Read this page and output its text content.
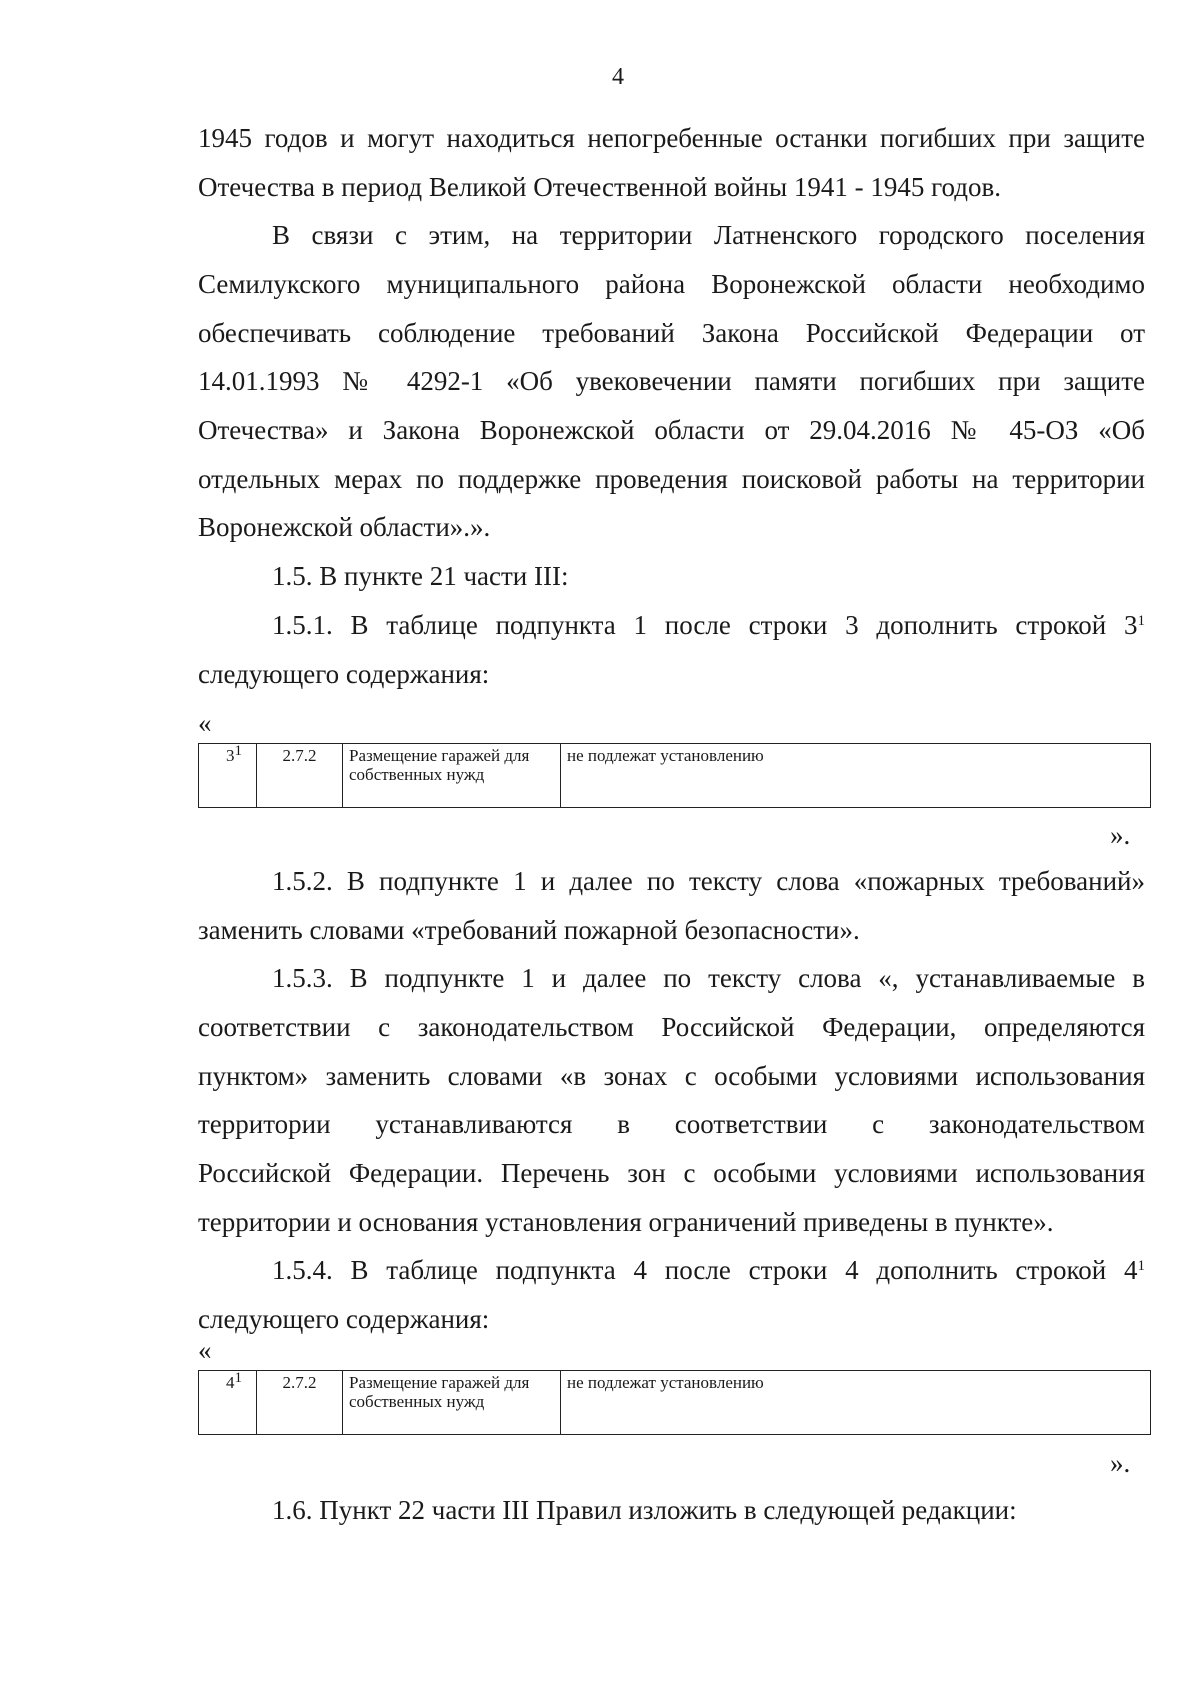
4
1945 годов и могут находиться непогребенные останки погибших при защите
Отечества в период Великой Отечественной войны 1941 - 1945 годов.
В связи с этим, на территории Латненского городского поселения
Семилукского муниципального района Воронежской области необходимо
обеспечивать соблюдение требований Закона Российской Федерации от
14.01.1993 № 4292-1 «Об увековечении памяти погибших при защите
Отечества» и Закона Воронежской области от 29.04.2016 № 45-ОЗ «Об
отдельных мерах по поддержке проведения поисковой работы на территории
Воронежской области».».
1.5. В пункте 21 части III:
1.5.1. В таблице подпункта 1 после строки 3 дополнить строкой $3^1$
следующего содержания:
«
$3^1$	2.7.2	Размещение гаражей для собственных нужд	не подлежат установлению
».
1.5.2. В подпункте 1 и далее по тексту слова «пожарных требований»
заменить словами «требований пожарной безопасности».
1.5.3. В подпункте 1 и далее по тексту слова «, устанавливаемые в
соответствии с законодательством Российской Федерации, определяются
пунктом» заменить словами «в зонах с особыми условиями использования
территории устанавливаются в соответствии с законодательством
Российской Федерации. Перечень зон с особыми условиями использования
территории и основания установления ограничений приведены в пункте».
1.5.4. В таблице подпункта 4 после строки 4 дополнить строкой $4^1$
следующего содержания:
«
$4^1$	2.7.2	Размещение гаражей для собственных нужд	не подлежат установлению
».
1.6. Пункт 22 части III Правил изложить в следующей редакции:
